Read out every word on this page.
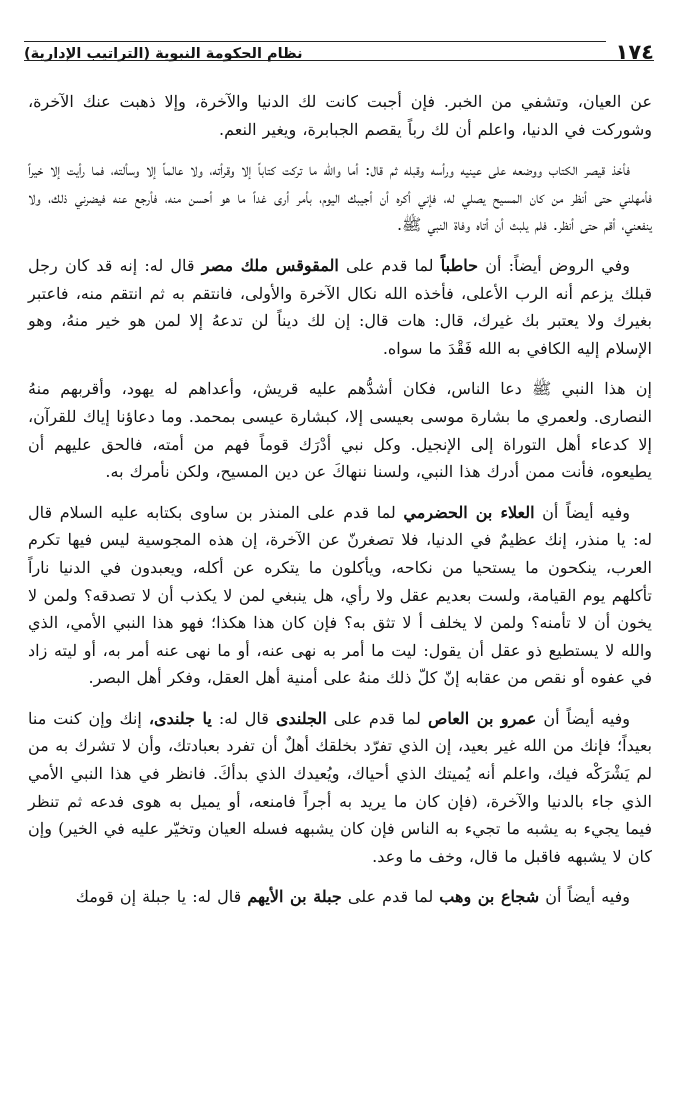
١٧٤
نظام الحكومة النبوية (التراتيب الإدارية)

عن العيان، وتشفي من الخبر. فإن أجبت كانت لك الدنيا والآخرة، وإلا ذهبت عنك الآخرة، وشوركت في الدنيا، واعلم أن لك رباً يقصم الجبابرة، ويغير النعم.

فأخذ قيصر الكتاب ووضعه على عينيه ورأسه وقبله ثم قال: أما والله ما تركت كتاباً إلا وقرأته، ولا عالماً إلا وسألته، فما رأيت إلا خيراً فأمهلني حتى أنظر من كان المسيح يصلي له، فإني أكره أن أجيبك اليوم، بأمر أرى غداً ما هو أحسن منه، فأرجع عنه فيضرني ذلك، ولا ينفعني، أقم حتى أنظر. فلم يلبث أن أتاه وفاة النبي ﷺ.

وفي الروض أيضاً: أن حاطباً لما قدم على المقوقس ملك مصر قال له: إنه قد كان رجل قبلك يزعم أنه الرب الأعلى، فأخذه الله نكال الآخرة والأولى، فانتقم به ثم انتقم منه، فاعتبر بغيرك ولا يعتبر بك غيرك، قال: هات قال: إن لك ديناً لن تدعهُ إلا لمن هو خير منهُ، وهو الإسلام إليه الكافي به الله فَقْدَ ما سواه.

إن هذا النبي ﷺ دعا الناس، فكان أشدُّهم عليه قريش، وأعداهم له يهود، وأقربهم منهُ النصارى. ولعمري ما بشارة موسى بعيسى إلا، كبشارة عيسى بمحمد. وما دعاؤنا إياك للقرآن، إلا كدعاء أهل التوراة إلى الإنجيل. وكل نبي أدْرَك قوماً فهم من أمته، فالحق عليهم أن يطيعوه، فأنت ممن أدرك هذا النبي، ولسنا ننهاكَ عن دين المسيح، ولكن نأمرك به.

وفيه أيضاً أن العلاء بن الحضرمي لما قدم على المنذر بن ساوى بكتابه عليه السلام قال له: يا منذر، إنك عظيمٌ في الدنيا، فلا تصغرنّ عن الآخرة، إن هذه المجوسية ليس فيها تكرم العرب، ينكحون ما يستحيا من نكاحه، ويأكلون ما يتكره عن أكله، ويعبدون في الدنيا ناراً تأكلهم يوم القيامة، ولست بعديم عقل ولا رأي، هل ينبغي لمن لا يكذب أن لا تصدقه؟ ولمن لا يخون أن لا تأمنه؟ ولمن لا يخلف أ لا تثق به؟ فإن كان هذا هكذا؛ فهو هذا النبي الأمي، الذي والله لا يستطيع ذو عقل أن يقول: ليت ما أمر به نهى عنه، أو ما نهى عنه أمر به، أو ليته زاد في عفوه أو نقص من عقابه إنّ كلّ ذلك منهُ على أمنية أهل العقل، وفكر أهل البصر.

وفيه أيضاً أن عمرو بن العاص لما قدم على الجلندى قال له: يا جلندى، إنك وإن كنت منا بعيداً؛ فإنك من الله غير بعيد، إن الذي تفرّد بخلقك أهلٌ أن تفرد بعبادتك، وأن لا تشرك به من لم يَشْرَكْه فيك، واعلم أنه يُميتك الذي أحياك، ويُعيدك الذي بدأكَ. فانظر في هذا النبي الأمي الذي جاء بالدنيا والآخرة، (فإن كان ما يريد به أجراً فامنعه، أو يميل به هوى فدعه ثم تنظر فيما يجيء به يشبه ما تجيء به الناس فإن كان يشبهه فسله العيان وتخيّر عليه في الخير) وإن كان لا يشبهه فاقبل ما قال، وخف ما وعد.

وفيه أيضاً أن شجاع بن وهب لما قدم على جبلة بن الأيهم قال له: يا جبلة إن قومك
